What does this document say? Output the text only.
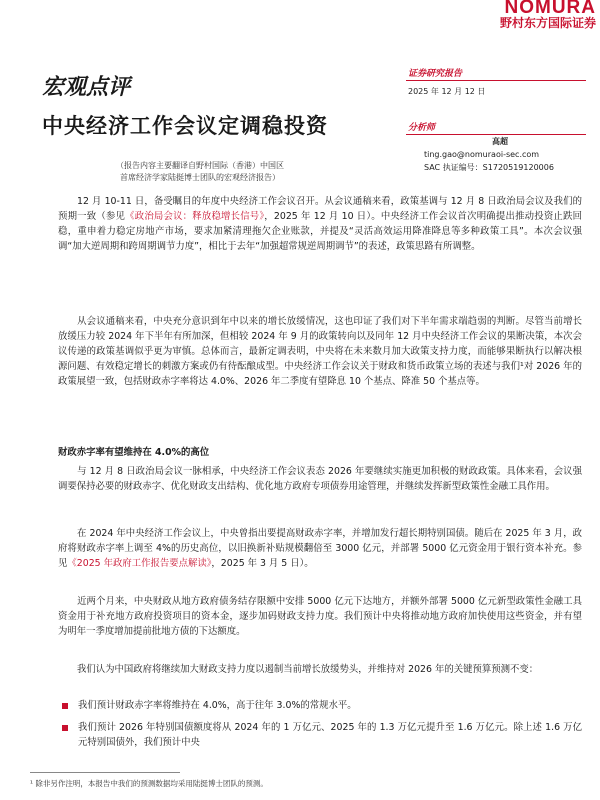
NOMURA
野村东方国际证券
宏观点评
中央经济工作会议定调稳投资
（报告内容主要翻译自野村国际（香港）中国区
首席经济学家陆挺博士团队的宏观经济报告）
证券研究报告
2025 年 12 月 12 日
分析师
高超
ting.gao@nomuraoi-sec.com
SAC 执证编号：S1720519120006

12 月 10-11 日，备受瞩目的年度中央经济工作会议召开。从会议通稿来看，政策基调与 12 月 8 日政治局会议及我们的预期一致（参见《政治局会议：释放稳增长信号》，2025 年 12 月 10 日）。中央经济工作会议首次明确提出推动投资止跌回稳，重申着力稳定房地产市场，要求加紧清理拖欠企业账款，并提及“灵活高效运用降准降息等多种政策工具”。本次会议强调“加大逆周期和跨周期调节力度”，相比于去年“加强超常规逆周期调节”的表述，政策思路有所调整。

从会议通稿来看，中央充分意识到年中以来的增长放缓情况，这也印证了我们对下半年需求端趋弱的判断。尽管当前增长放缓压力较 2024 年下半年有所加深，但相较 2024 年 9 月的政策转向以及同年 12 月中央经济工作会议的果断决策，本次会议传递的政策基调似乎更为审慎。总体而言，最新定调表明，中央将在未来数月加大政策支持力度，而能够果断执行以解决根源问题、有效稳定增长的刺激方案或仍有待酝酿成型。中央经济工作会议关于财政和货币政策立场的表述与我们¹对 2026 年的政策展望一致，包括财政赤字率将达 4.0%、2026 年二季度有望降息 10 个基点、降准 50 个基点等。

财政赤字率有望维持在 4.0%的高位

与 12 月 8 日政治局会议一脉相承，中央经济工作会议表态 2026 年要继续实施更加积极的财政政策。具体来看，会议强调要保持必要的财政赤字、优化财政支出结构、优化地方政府专项债券用途管理，并继续发挥新型政策性金融工具作用。

在 2024 年中央经济工作会议上，中央曾指出要提高财政赤字率，并增加发行超长期特别国债。随后在 2025 年 3 月，政府将财政赤字率上调至 4%的历史高位，以旧换新补贴规模翻倍至 3000 亿元，并部署 5000 亿元资金用于银行资本补充。参见《2025 年政府工作报告要点解读》，2025 年 3 月 5 日）。

近两个月来，中央财政从地方政府债务结存限额中安排 5000 亿元下达地方，并额外部署 5000 亿元新型政策性金融工具资金用于补充地方政府投资项目的资本金，逐步加码财政支持力度。我们预计中央将推动地方政府加快使用这些资金，并有望为明年一季度增加提前批地方债的下达额度。

我们认为中国政府将继续加大财政支持力度以遏制当前增长放缓势头，并维持对 2026 年的关键预算预测不变：

我们预计财政赤字率将维持在 4.0%，高于往年 3.0%的常规水平。

我们预计 2026 年特别国债额度将从 2024 年的 1 万亿元、2025 年的 1.3 万亿元提升至 1.6 万亿元。除上述 1.6 万亿元特别国债外，我们预计中央

¹ 除非另作注明，本报告中我们的预测数据均采用陆挺博士团队的预测。
